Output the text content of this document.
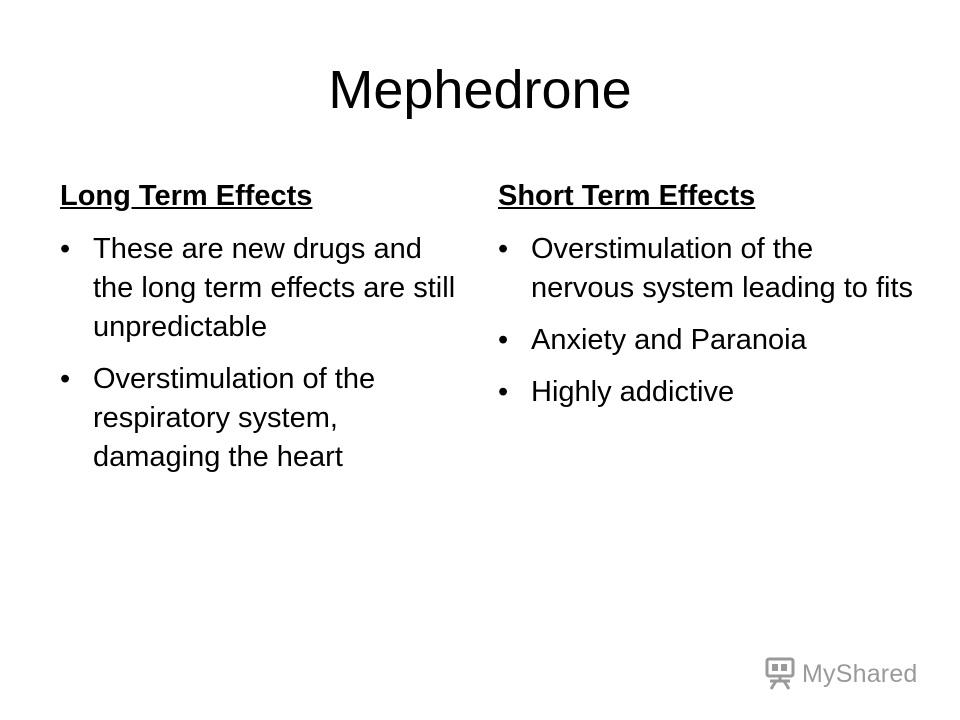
Mephedrone
Long Term Effects
• These are new drugs and the long term effects are still unpredictable
• Overstimulation of the respiratory system, damaging the heart
Short Term Effects
• Overstimulation of the nervous system leading to fits
• Anxiety and Paranoia
• Highly addictive
MyShared
